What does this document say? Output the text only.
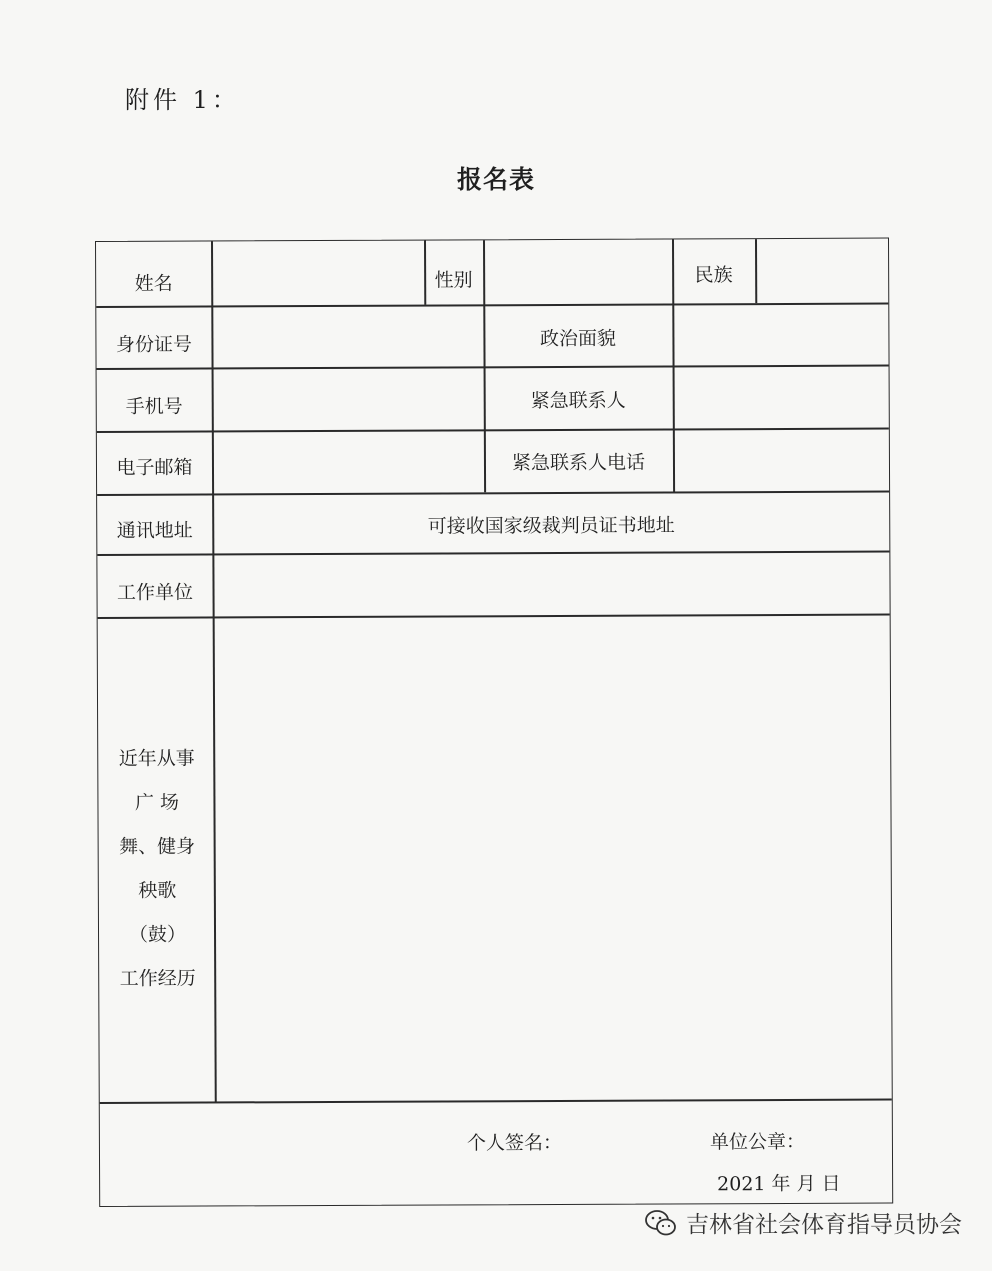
附件 1：
报名表
姓名	性别	民族
身份证号	政治面貌
手机号	紧急联系人
电子邮箱	紧急联系人电话
通讯地址	可接收国家级裁判员证书地址
工作单位
近年从事
广 场
舞、健身
秧歌
（鼓）
工作经历
个人签名：	单位公章：
2021 年 月 日
吉林省社会体育指导员协会
